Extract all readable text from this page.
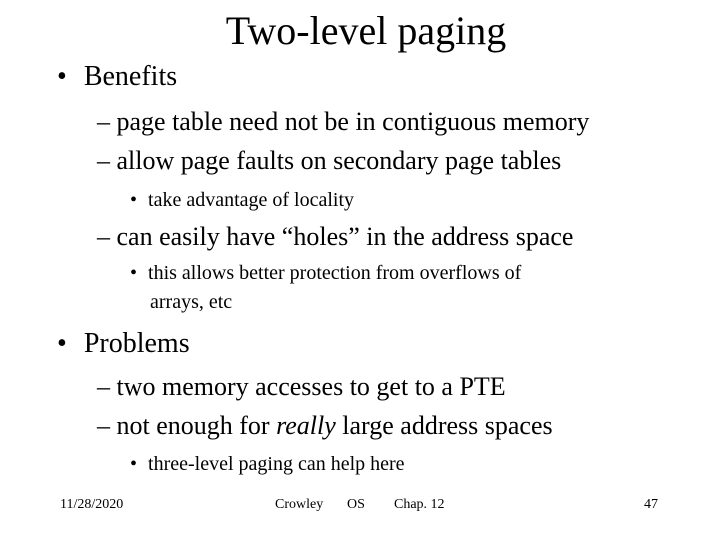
Two-level paging
• Benefits
– page table need not be in contiguous memory
– allow page faults on secondary page tables
• take advantage of locality
– can easily have “holes” in the address space
• this allows better protection from overflows of
arrays, etc
• Problems
– two memory accesses to get to a PTE
– not enough for really large address spaces
• three-level paging can help here
11/28/2020	Crowley OS Chap. 12	47
